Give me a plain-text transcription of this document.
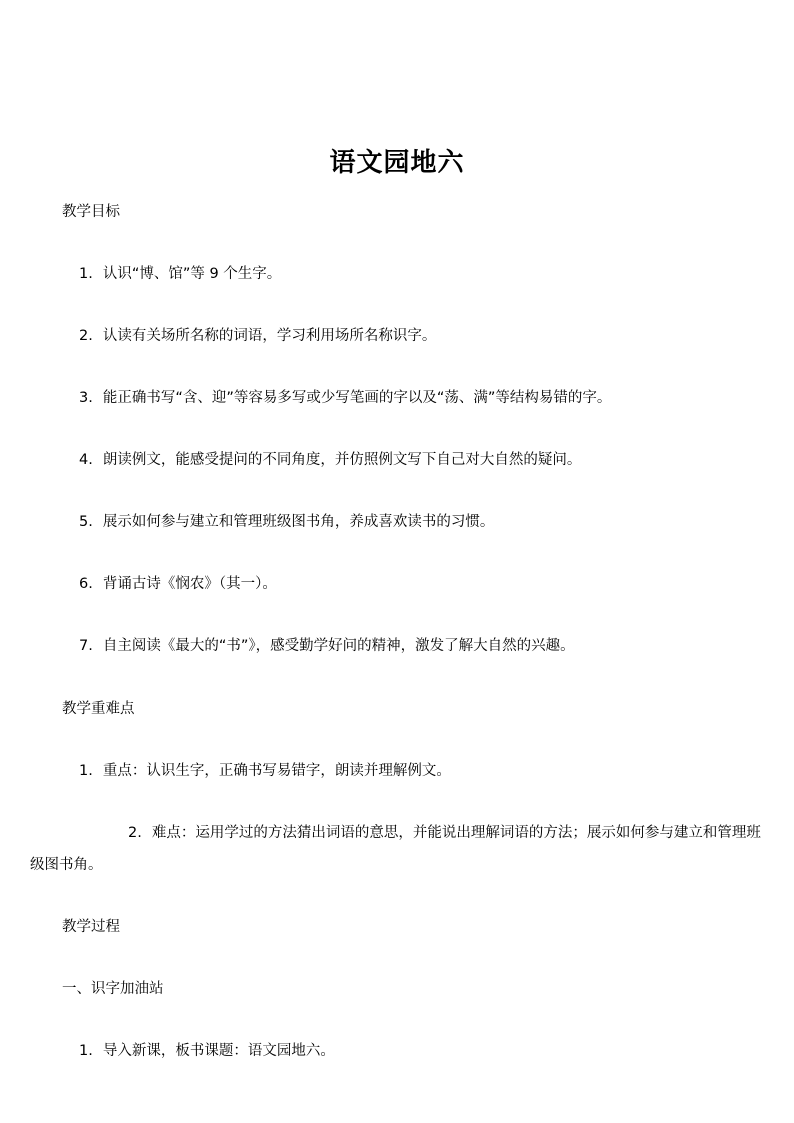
语文园地六
教学目标
1. 认识“博、馆”等 9 个生字。
2. 认读有关场所名称的词语，学习利用场所名称识字。
3. 能正确书写“含、迎”等容易多写或少写笔画的字以及“荡、满”等结构易错的字。
4. 朗读例文，能感受提问的不同角度，并仿照例文写下自己对大自然的疑问。
5. 展示如何参与建立和管理班级图书角，养成喜欢读书的习惯。
6. 背诵古诗《悯农》（其一）。
7. 自主阅读《最大的“书”》，感受勤学好问的精神，激发了解大自然的兴趣。
教学重难点
1. 重点：认识生字，正确书写易错字，朗读并理解例文。
2. 难点：运用学过的方法猜出词语的意思，并能说出理解词语的方法；展示如何参与建立和管理班级图书角。
教学过程
一、识字加油站
1. 导入新课，板书课题：语文园地六。
